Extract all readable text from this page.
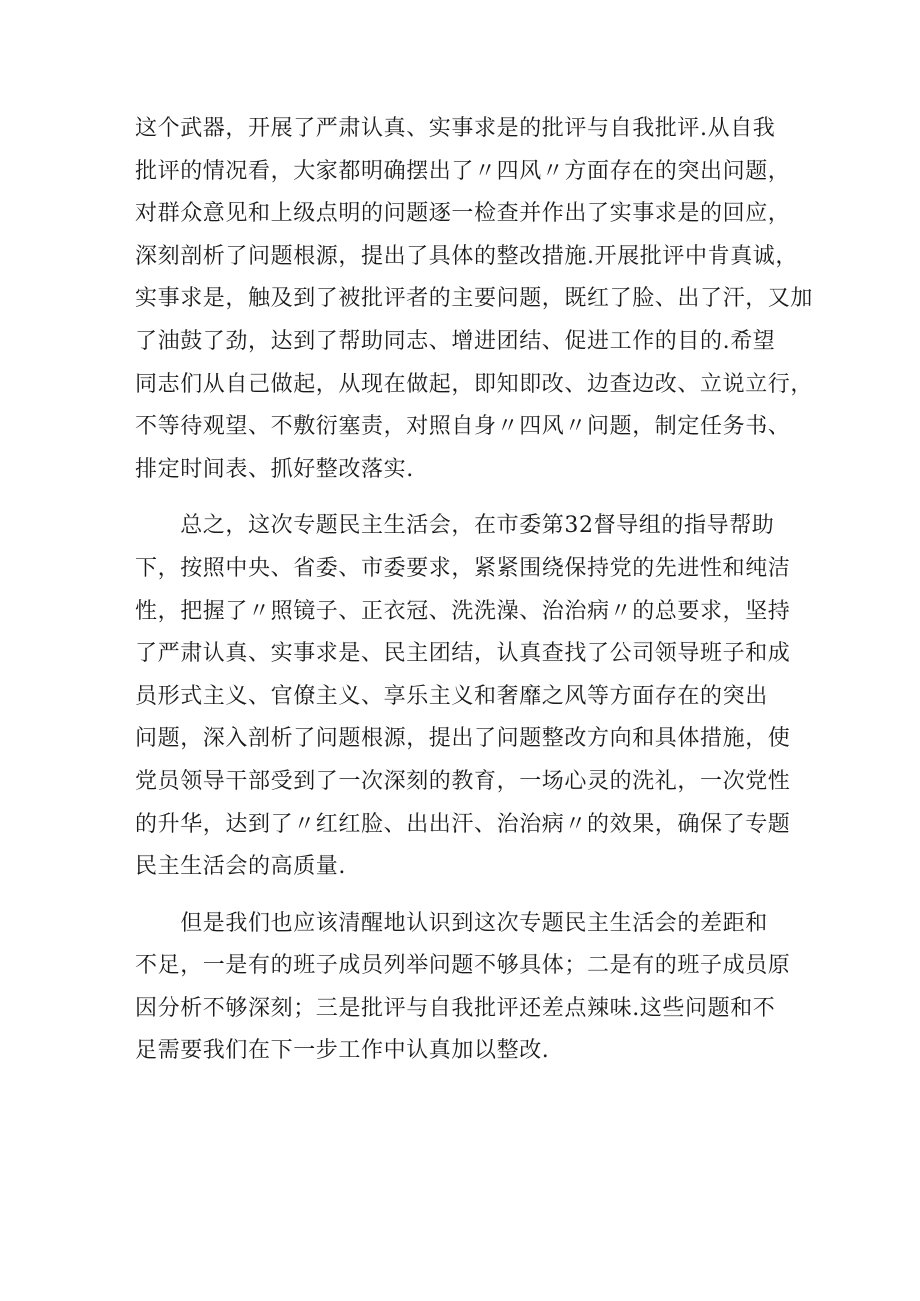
这个武器，开展了严肃认真、实事求是的批评与自我批评.从自我
批评的情况看，大家都明确摆出了〃四风〃方面存在的突出问题，
对群众意见和上级点明的问题逐一检查并作出了实事求是的回应，
深刻剖析了问题根源，提出了具体的整改措施.开展批评中肯真诚，
实事求是，触及到了被批评者的主要问题，既红了脸、出了汗，又加
了油鼓了劲，达到了帮助同志、增进团结、促进工作的目的.希望
同志们从自己做起，从现在做起，即知即改、边查边改、立说立行，
不等待观望、不敷衍塞责，对照自身〃四风〃问题，制定任务书、
排定时间表、抓好整改落实.

　　总之，这次专题民主生活会，在市委第32督导组的指导帮助
下，按照中央、省委、市委要求，紧紧围绕保持党的先进性和纯洁
性，把握了〃照镜子、正衣冠、洗洗澡、治治病〃的总要求，坚持
了严肃认真、实事求是、民主团结，认真查找了公司领导班子和成
员形式主义、官僚主义、享乐主义和奢靡之风等方面存在的突出
问题，深入剖析了问题根源，提出了问题整改方向和具体措施，使
党员领导干部受到了一次深刻的教育，一场心灵的洗礼，一次党性
的升华，达到了〃红红脸、出出汗、治治病〃的效果，确保了专题
民主生活会的高质量.

　　但是我们也应该清醒地认识到这次专题民主生活会的差距和
不足，一是有的班子成员列举问题不够具体；二是有的班子成员原
因分析不够深刻；三是批评与自我批评还差点辣味.这些问题和不
足需要我们在下一步工作中认真加以整改.
